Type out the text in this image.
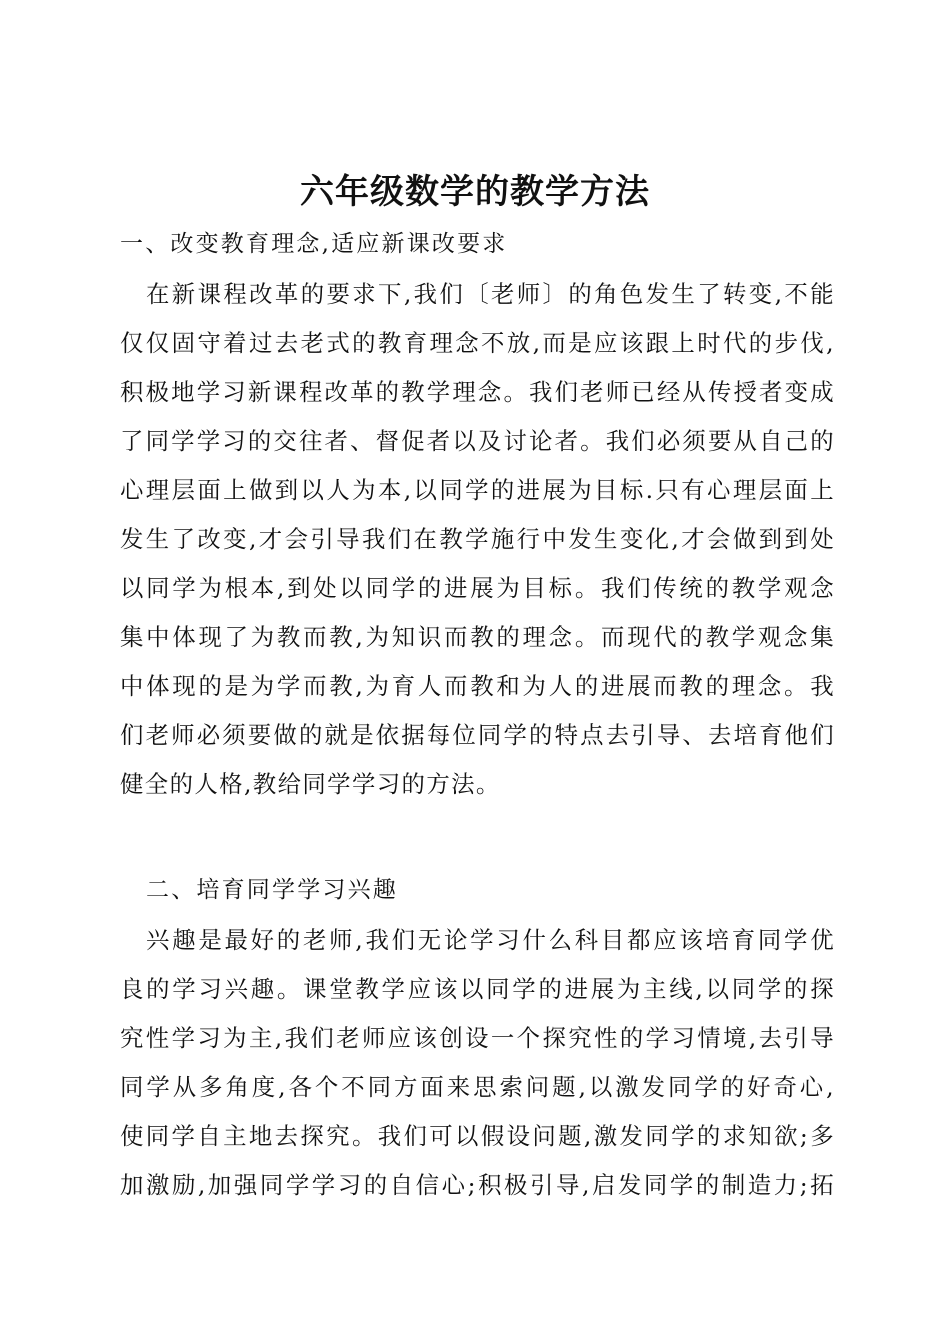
六年级数学的教学方法
一、改变教育理念,适应新课改要求
在新课程改革的要求下,我们〔老师〕的角色发生了转变,不能
仅仅固守着过去老式的教育理念不放,而是应该跟上时代的步伐,
积极地学习新课程改革的教学理念。我们老师已经从传授者变成
了同学学习的交往者、督促者以及讨论者。我们必须要从自己的
心理层面上做到以人为本,以同学的进展为目标.只有心理层面上
发生了改变,才会引导我们在教学施行中发生变化,才会做到到处
以同学为根本,到处以同学的进展为目标。我们传统的教学观念
集中体现了为教而教,为知识而教的理念。而现代的教学观念集
中体现的是为学而教,为育人而教和为人的进展而教的理念。我
们老师必须要做的就是依据每位同学的特点去引导、去培育他们
健全的人格,教给同学学习的方法。
二、培育同学学习兴趣
兴趣是最好的老师,我们无论学习什么科目都应该培育同学优
良的学习兴趣。课堂教学应该以同学的进展为主线,以同学的探
究性学习为主,我们老师应该创设一个探究性的学习情境,去引导
同学从多角度,各个不同方面来思索问题,以激发同学的好奇心,
使同学自主地去探究。我们可以假设问题,激发同学的求知欲;多
加激励,加强同学学习的自信心;积极引导,启发同学的制造力;拓
